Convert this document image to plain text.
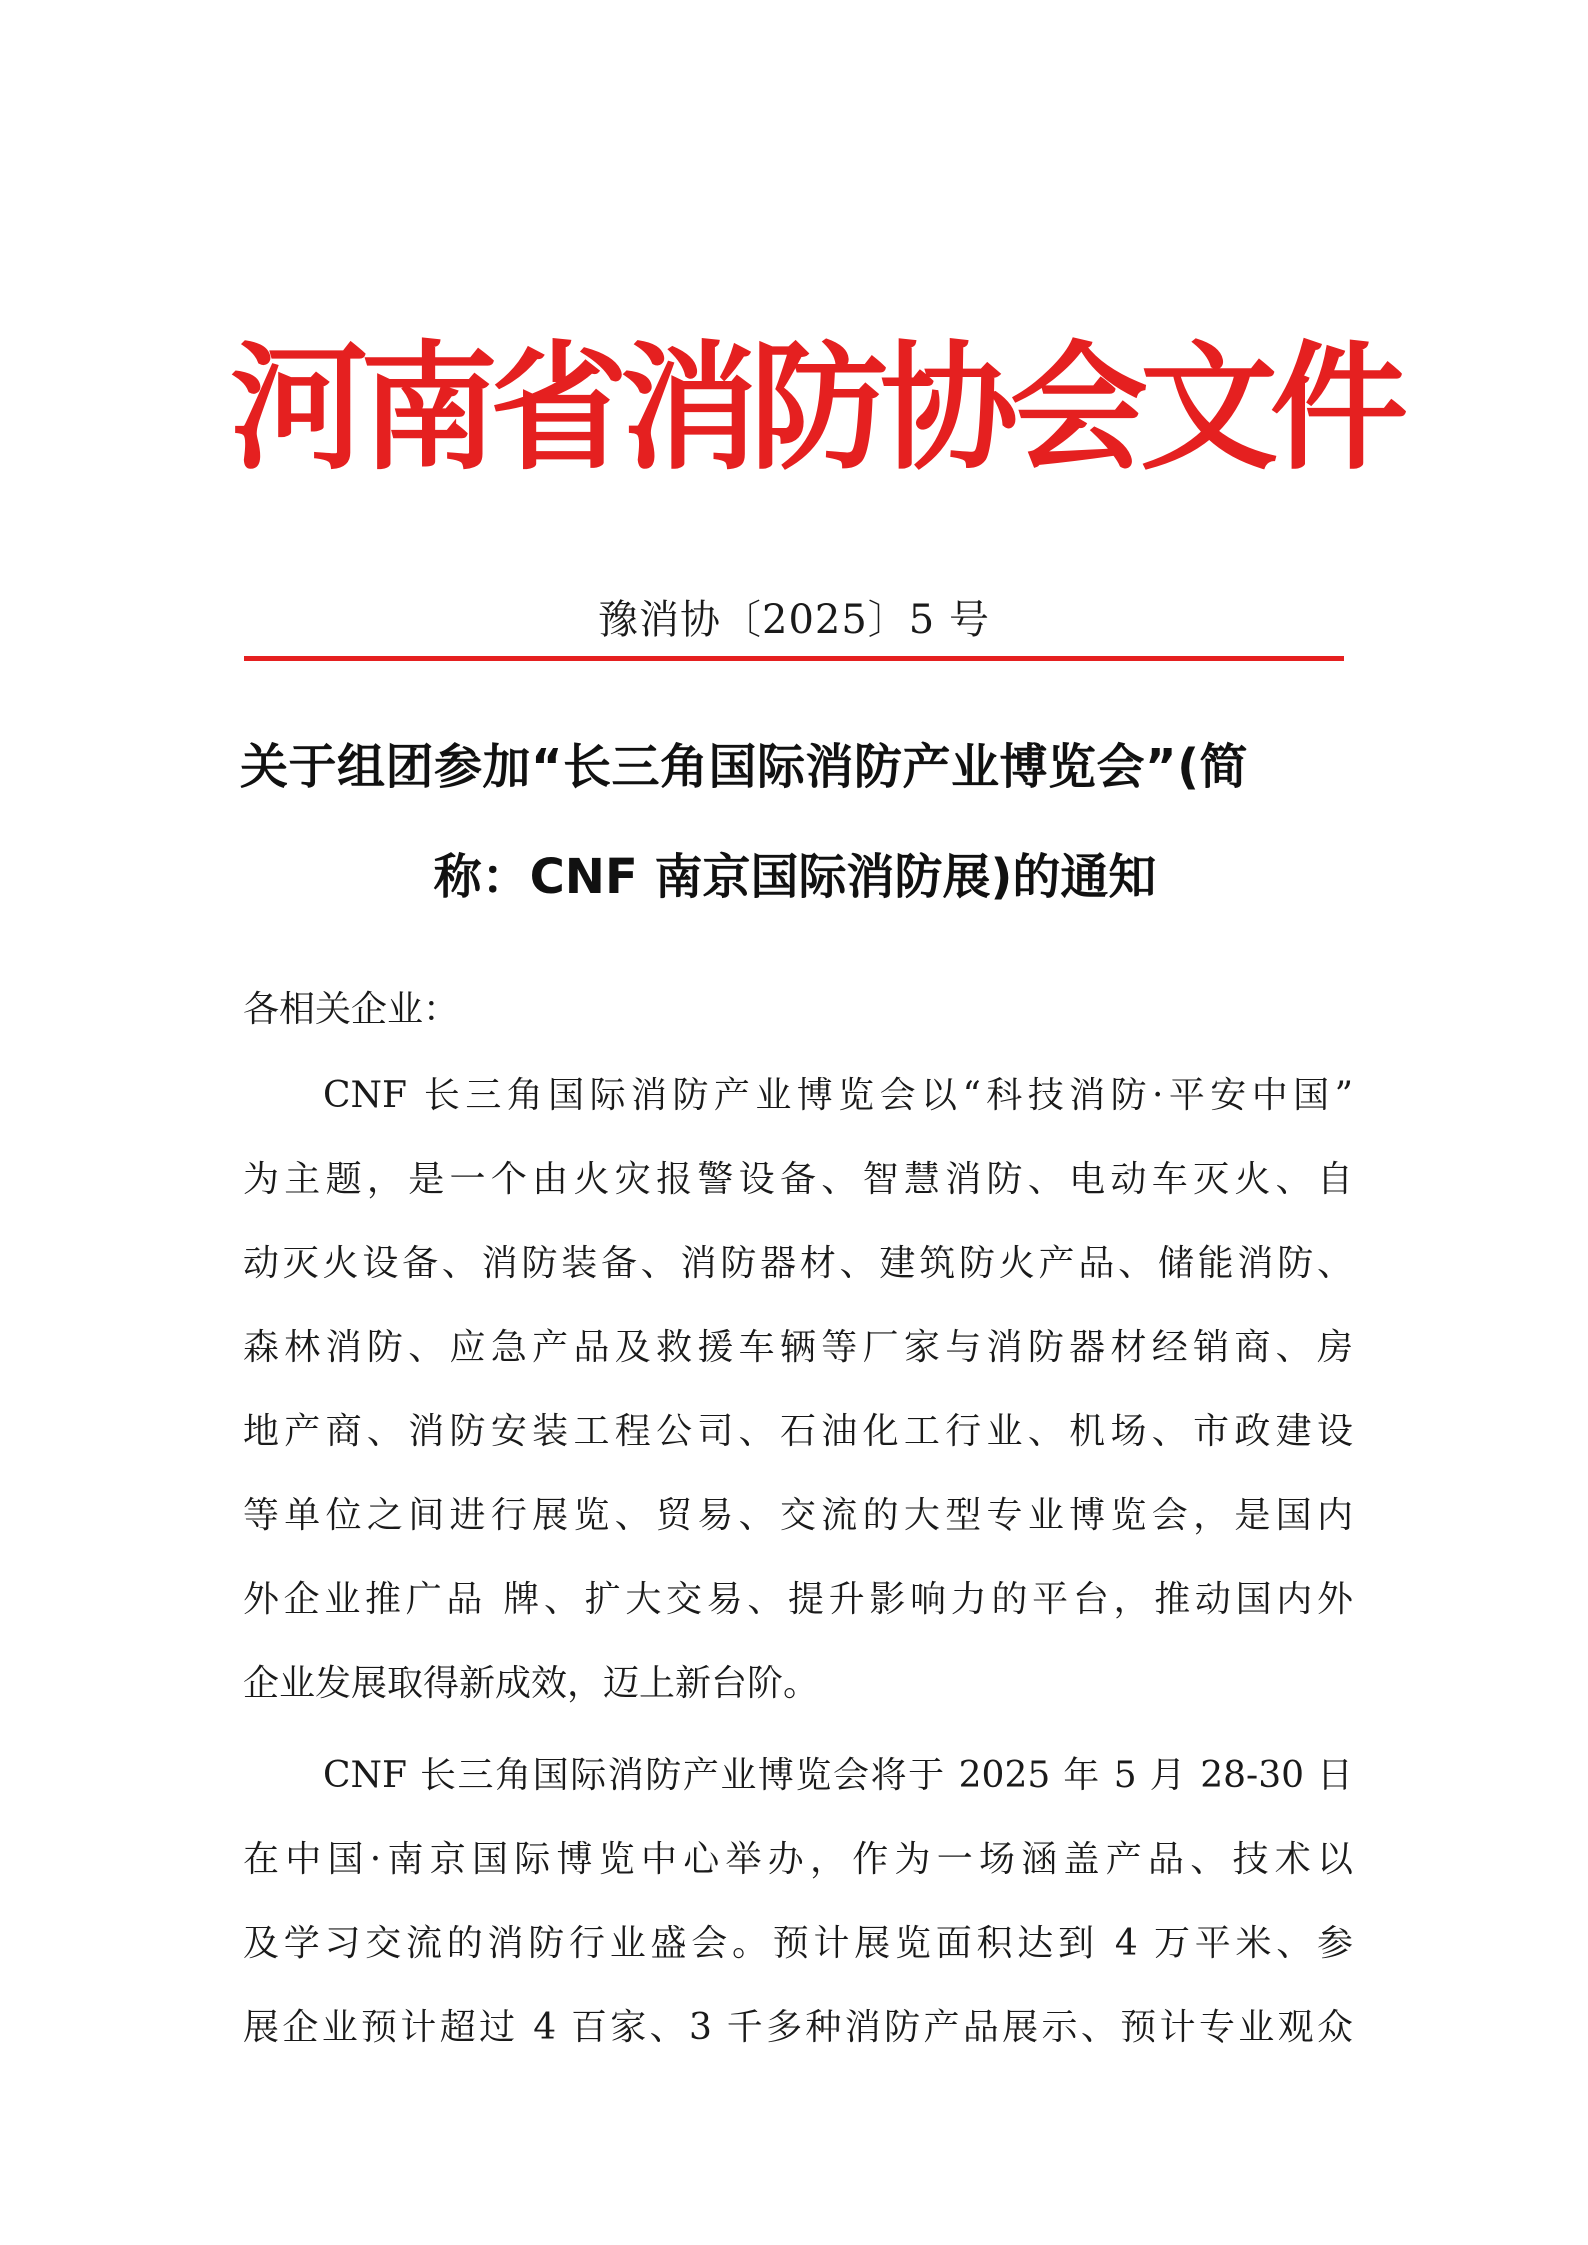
河南省消防协会文件
豫消协〔2025〕5 号
关于组团参加“长三角国际消防产业博览会”(简
称：CNF 南京国际消防展)的通知
各相关企业：
CNF 长三角国际消防产业博览会以“科技消防·平安中国”
为主题，是一个由火灾报警设备、智慧消防、电动车灭火、自
动灭火设备、消防装备、消防器材、建筑防火产品、储能消防、
森林消防、应急产品及救援车辆等厂家与消防器材经销商、房
地产商、消防安装工程公司、石油化工行业、机场、市政建设
等单位之间进行展览、贸易、交流的大型专业博览会，是国内
外企业推广品 牌、扩大交易、提升影响力的平台，推动国内外
企业发展取得新成效，迈上新台阶。
CNF 长三角国际消防产业博览会将于 2025 年 5 月 28-30 日
在中国·南京国际博览中心举办，作为一场涵盖产品、技术以
及学习交流的消防行业盛会。预计展览面积达到 4 万平米、参
展企业预计超过 4 百家、3 千多种消防产品展示、预计专业观众
